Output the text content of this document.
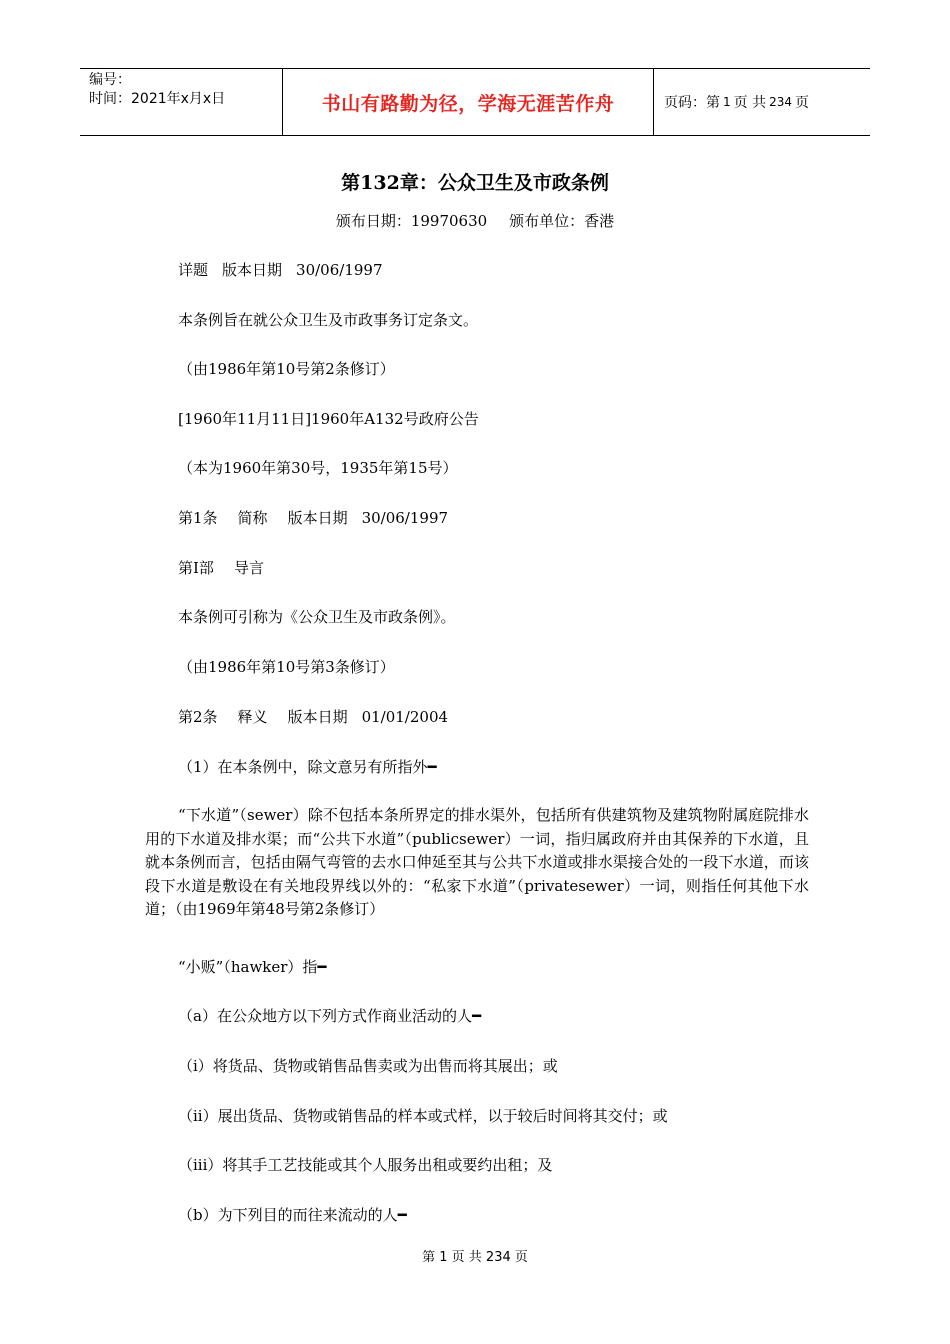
编号：
时间：2021年x月x日	书山有路勤为径，学海无涯苦作舟	页码：第 1 页 共 234 页
第132章：公众卫生及市政条例
颁布日期：19970630 颁布单位：香港
详题 版本日期 30/06/1997
本条例旨在就公众卫生及市政事务订定条文。
（由1986年第10号第2条修订）
[1960年11月11日]1960年A132号政府公告
（本为1960年第30号，1935年第15号）
第1条 简称 版本日期 30/06/1997
第I部 导言
本条例可引称为《公众卫生及市政条例》。
（由1986年第10号第3条修订）
第2条 释义 版本日期 01/01/2004
（1）在本条例中，除文意另有所指外━
“下水道”（sewer）除不包括本条所界定的排水渠外，包括所有供建筑物及建筑物附属庭院排水用的下水道及排水渠；而“公共下水道”（publicsewer）一词，指归属政府并由其保养的下水道，且就本条例而言，包括由隔气弯管的去水口伸延至其与公共下水道或排水渠接合处的一段下水道，而该段下水道是敷设在有关地段界线以外的：“私家下水道”（privatesewer）一词，则指任何其他下水道；（由1969年第48号第2条修订）
“小贩”（hawker）指━
（a）在公众地方以下列方式作商业活动的人━
（i）将货品、货物或销售品售卖或为出售而将其展出；或
（ii）展出货品、货物或销售品的样本或式样，以于较后时间将其交付；或
（iii）将其手工艺技能或其个人服务出租或要约出租；及
（b）为下列目的而往来流动的人━
第 1 页 共 234 页
